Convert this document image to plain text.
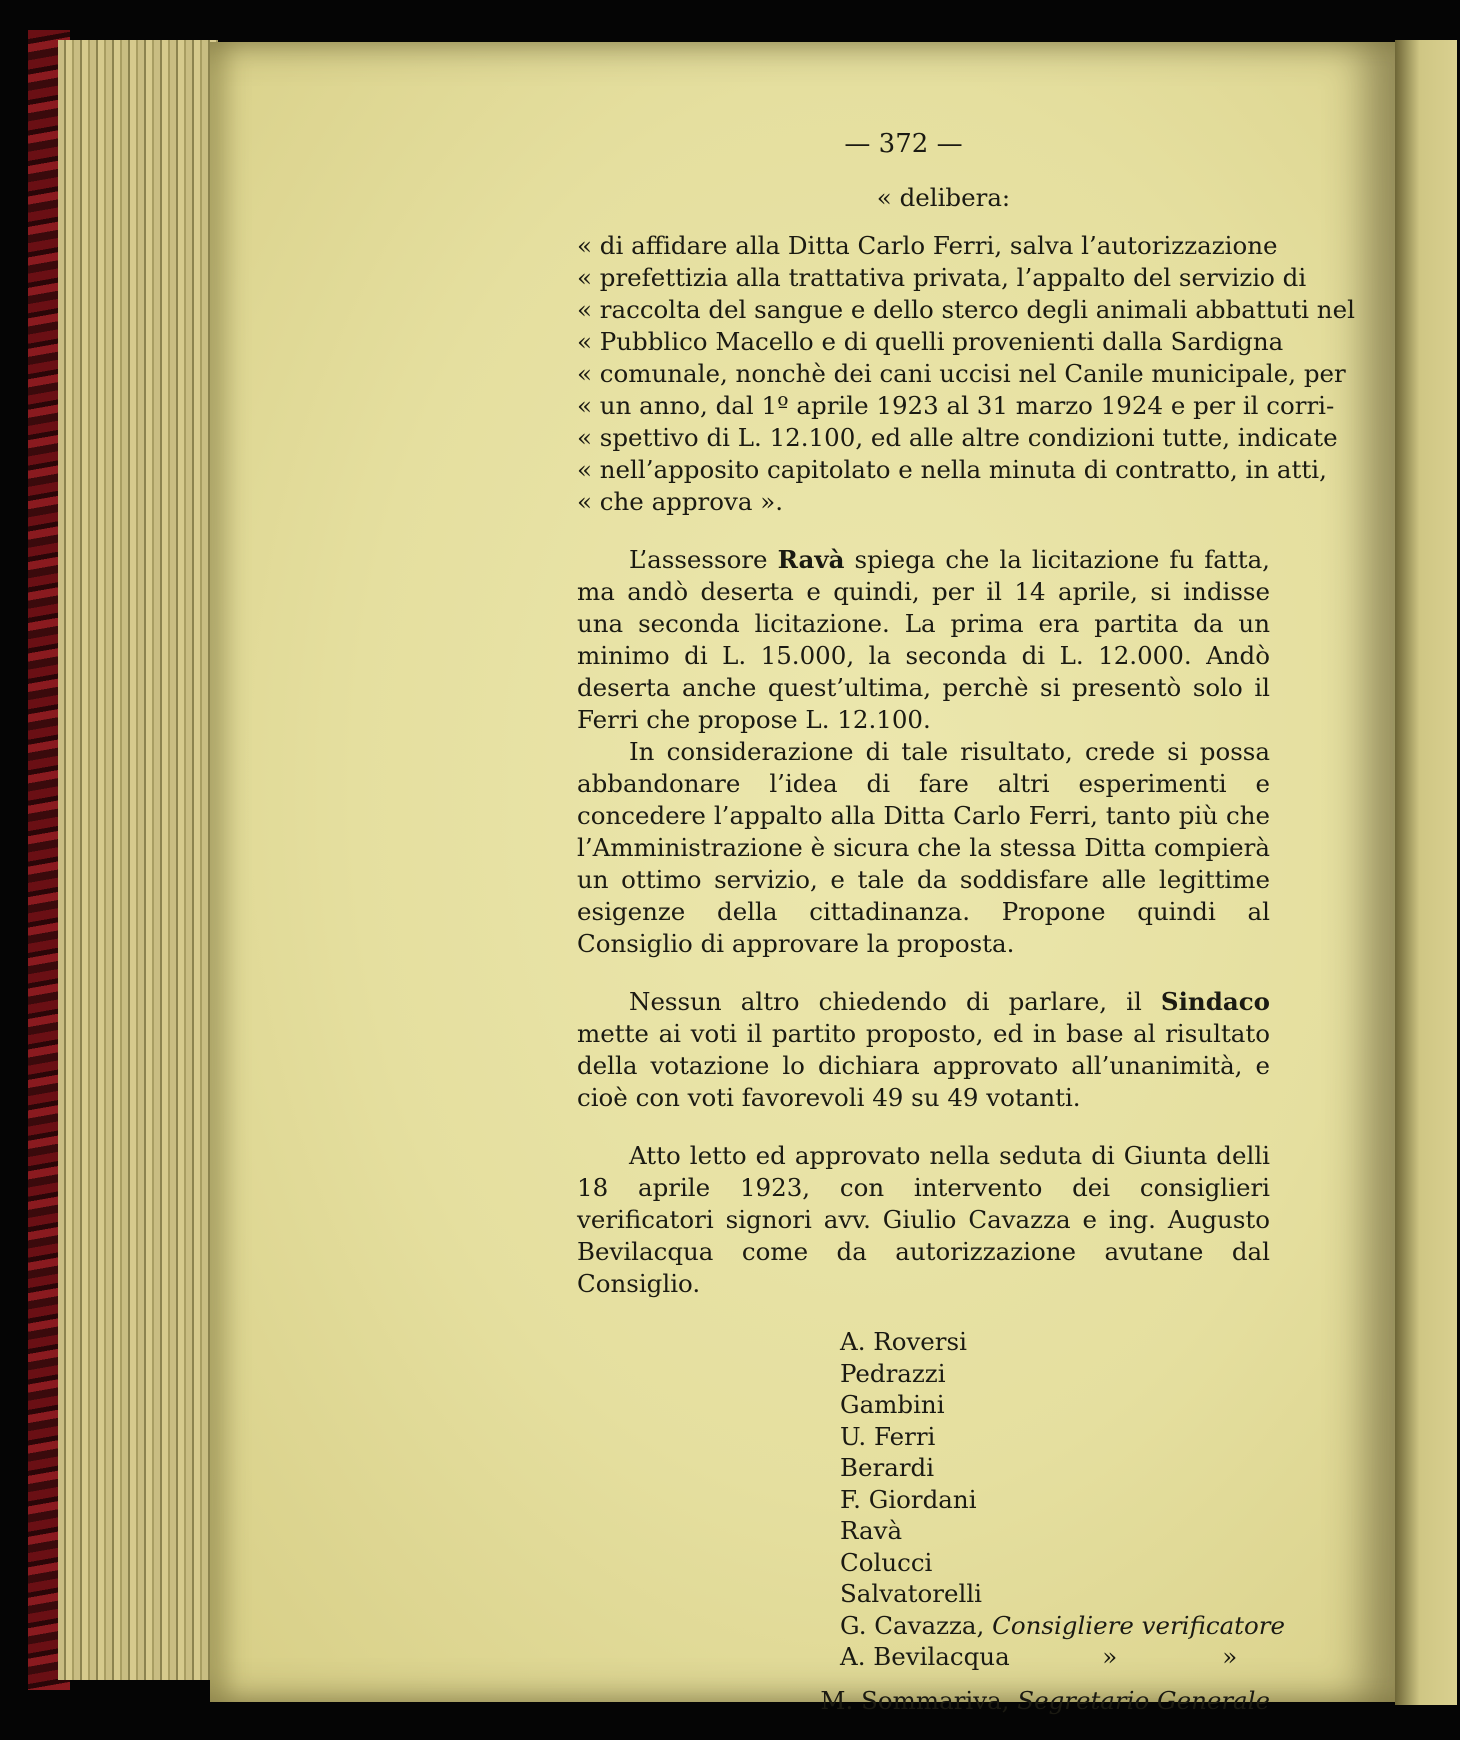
— 372 —
« delibera:
« di affidare alla Ditta Carlo Ferri, salva l’autorizzazione
« prefettizia alla trattativa privata, l’appalto del servizio di
« raccolta del sangue e dello sterco degli animali abbattuti nel
« Pubblico Macello e di quelli provenienti dalla Sardigna
« comunale, nonchè dei cani uccisi nel Canile municipale, per
« un anno, dal 1º aprile 1923 al 31 marzo 1924 e per il corri-
« spettivo di L. 12.100, ed alle altre condizioni tutte, indicate
« nell’apposito capitolato e nella minuta di contratto, in atti,
« che approva ».

L’assessore Ravà spiega che la licitazione fu fatta, ma andò deserta e quindi, per il 14 aprile, si indisse una seconda licitazione. La prima era partita da un minimo di L. 15.000, la seconda di L. 12.000. Andò deserta anche quest’ultima, perchè si presentò solo il Ferri che propose L. 12.100.

In considerazione di tale risultato, crede si possa abbandonare l’idea di fare altri esperimenti e concedere l’appalto alla Ditta Carlo Ferri, tanto più che l’Amministrazione è sicura che la stessa Ditta compierà un ottimo servizio, e tale da soddisfare alle legittime esigenze della cittadinanza. Propone quindi al Consiglio di approvare la proposta.

Nessun altro chiedendo di parlare, il Sindaco mette ai voti il partito proposto, ed in base al risultato della votazione lo dichiara approvato all’unanimità, e cioè con voti favorevoli 49 su 49 votanti.

Atto letto ed approvato nella seduta di Giunta delli 18 aprile 1923, con intervento dei consiglieri verificatori signori avv. Giulio Cavazza e ing. Augusto Bevilacqua come da autorizzazione avutane dal Consiglio.

A. Roversi
Pedrazzi
Gambini
U. Ferri
Berardi
F. Giordani
Ravà
Colucci
Salvatorelli
G. Cavazza, Consigliere verificatore
A. Bevilacqua	»	»
M. Sommariva, Segretario Generale
